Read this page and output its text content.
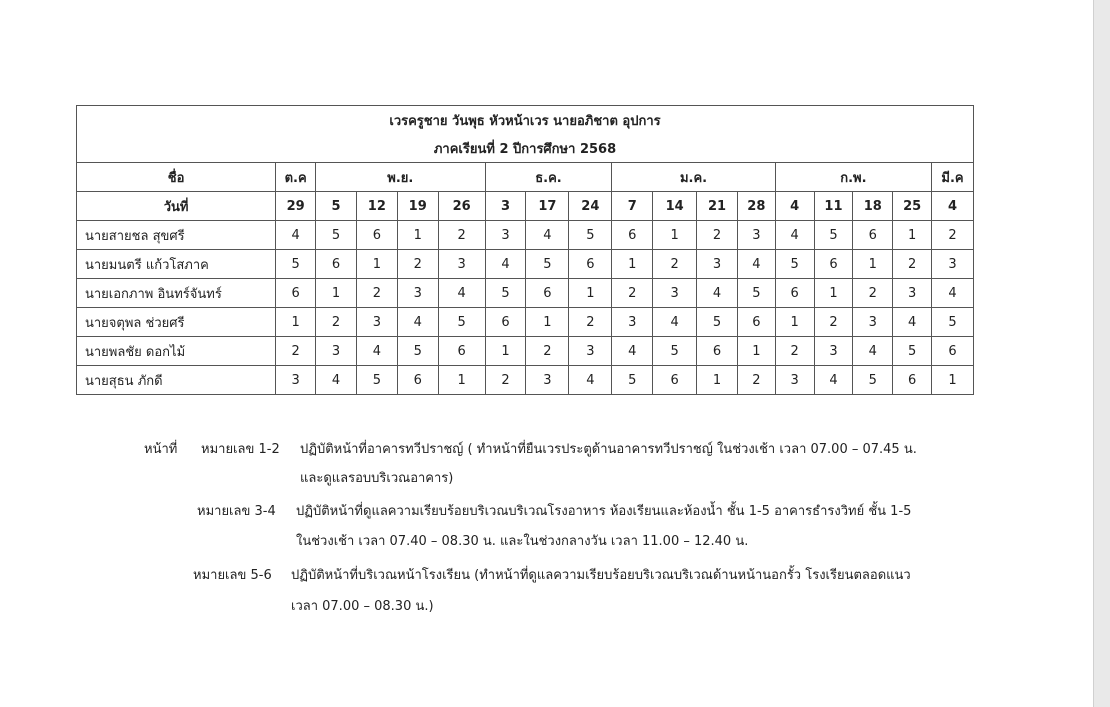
เวรครูชาย วันพุธ หัวหน้าเวร นายอภิชาต อุปการ																	
ภาคเรียนที่ 2 ปีการศึกษา 2568																	
ชื่อ	ต.ค	พ.ย.				ธ.ค.			ม.ค.				ก.พ.				มี.ค
วันที่	29	5	12	19	26	3	17	24	7	14	21	28	4	11	18	25	4
นายสายชล สุขศรี	4	5	6	1	2	3	4	5	6	1	2	3	4	5	6	1	2
นายมนตรี แก้วโสภาค	5	6	1	2	3	4	5	6	1	2	3	4	5	6	1	2	3
นายเอกภาพ อินทร์จันทร์	6	1	2	3	4	5	6	1	2	3	4	5	6	1	2	3	4
นายจตุพล ช่วยศรี	1	2	3	4	5	6	1	2	3	4	5	6	1	2	3	4	5
นายพลชัย ดอกไม้	2	3	4	5	6	1	2	3	4	5	6	1	2	3	4	5	6
นายสุธน ภักดี	3	4	5	6	1	2	3	4	5	6	1	2	3	4	5	6	1
หน้าที่ หมายเลข 1-2 ปฏิบัติหน้าที่อาคารทวีปราชญ์ ( ทำหน้าที่ยืนเวรประตูด้านอาคารทวีปราชญ์ ในช่วงเช้า เวลา 07.00 – 07.45 น.
และดูแลรอบบริเวณอาคาร)
หมายเลข 3-4 ปฏิบัติหน้าที่ดูแลความเรียบร้อยบริเวณบริเวณโรงอาหาร ห้องเรียนและห้องน้ำ ชั้น 1-5 อาคารธำรงวิทย์ ชั้น 1-5
ในช่วงเช้า เวลา 07.40 – 08.30 น. และในช่วงกลางวัน เวลา 11.00 – 12.40 น.
หมายเลข 5-6 ปฏิบัติหน้าที่บริเวณหน้าโรงเรียน (ทำหน้าที่ดูแลความเรียบร้อยบริเวณบริเวณด้านหน้านอกรั้ว โรงเรียนตลอดแนว
เวลา 07.00 – 08.30 น.)
